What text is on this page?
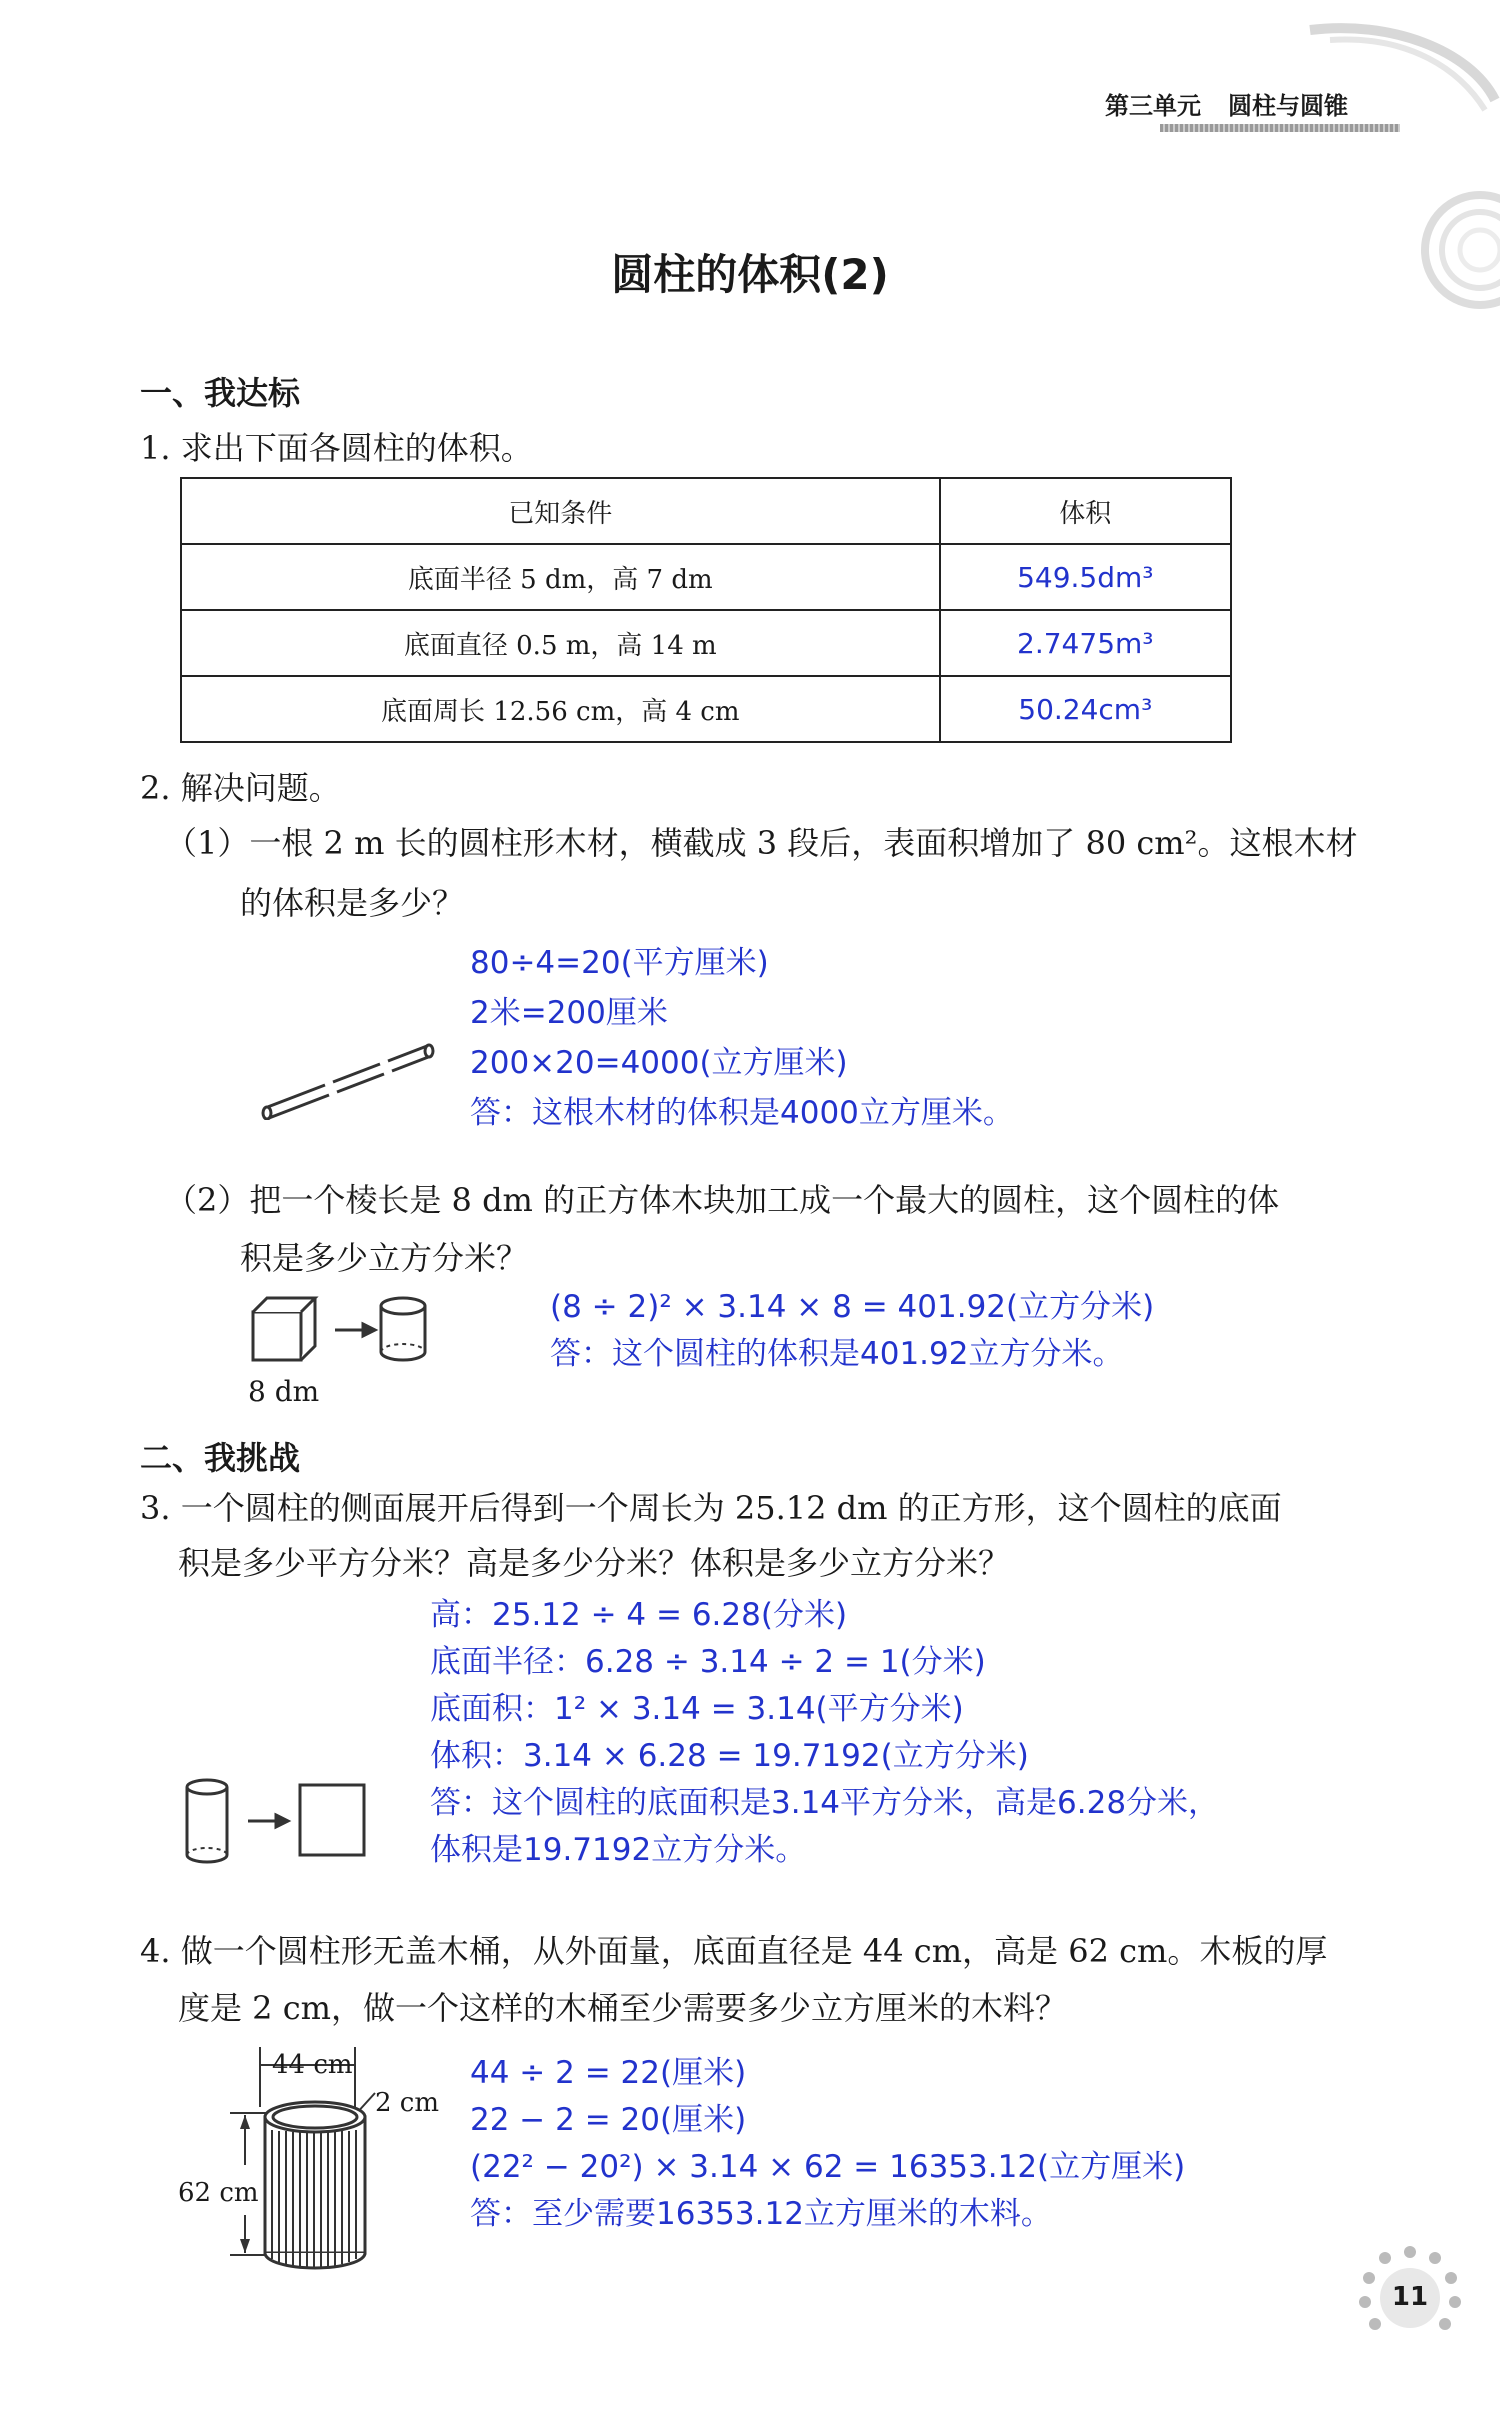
第三单元 圆柱与圆锥
圆柱的体积(2)
一、我达标
1. 求出下面各圆柱的体积。
已知条件	体积
底面半径 5 dm，高 7 dm	549.5dm³
底面直径 0.5 m，高 14 m	2.7475m³
底面周长 12.56 cm，高 4 cm	50.24cm³
2. 解决问题。
（1）一根 2 m 长的圆柱形木材，横截成 3 段后，表面积增加了 80 cm²。这根木材
的体积是多少？
80÷4=20(平方厘米)
2米=200厘米
200×20=4000(立方厘米)
答：这根木材的体积是4000立方厘米。
（2）把一个棱长是 8 dm 的正方体木块加工成一个最大的圆柱，这个圆柱的体
积是多少立方分米？
8 dm
(8 ÷ 2)² × 3.14 × 8 = 401.92(立方分米)
答：这个圆柱的体积是401.92立方分米。
二、我挑战
3. 一个圆柱的侧面展开后得到一个周长为 25.12 dm 的正方形，这个圆柱的底面
积是多少平方分米？高是多少分米？体积是多少立方分米？
高：25.12 ÷ 4 = 6.28(分米)
底面半径：6.28 ÷ 3.14 ÷ 2 = 1(分米)
底面积：1² × 3.14 = 3.14(平方分米)
体积：3.14 × 6.28 = 19.7192(立方分米)
答：这个圆柱的底面积是3.14平方分米，高是6.28分米，
体积是19.7192立方分米。
4. 做一个圆柱形无盖木桶，从外面量，底面直径是 44 cm，高是 62 cm。木板的厚
度是 2 cm，做一个这样的木桶至少需要多少立方厘米的木料？
44 cm
2 cm
62 cm
44 ÷ 2 = 22(厘米)
22 − 2 = 20(厘米)
(22² − 20²) × 3.14 × 62 = 16353.12(立方厘米)
答：至少需要16353.12立方厘米的木料。
11
